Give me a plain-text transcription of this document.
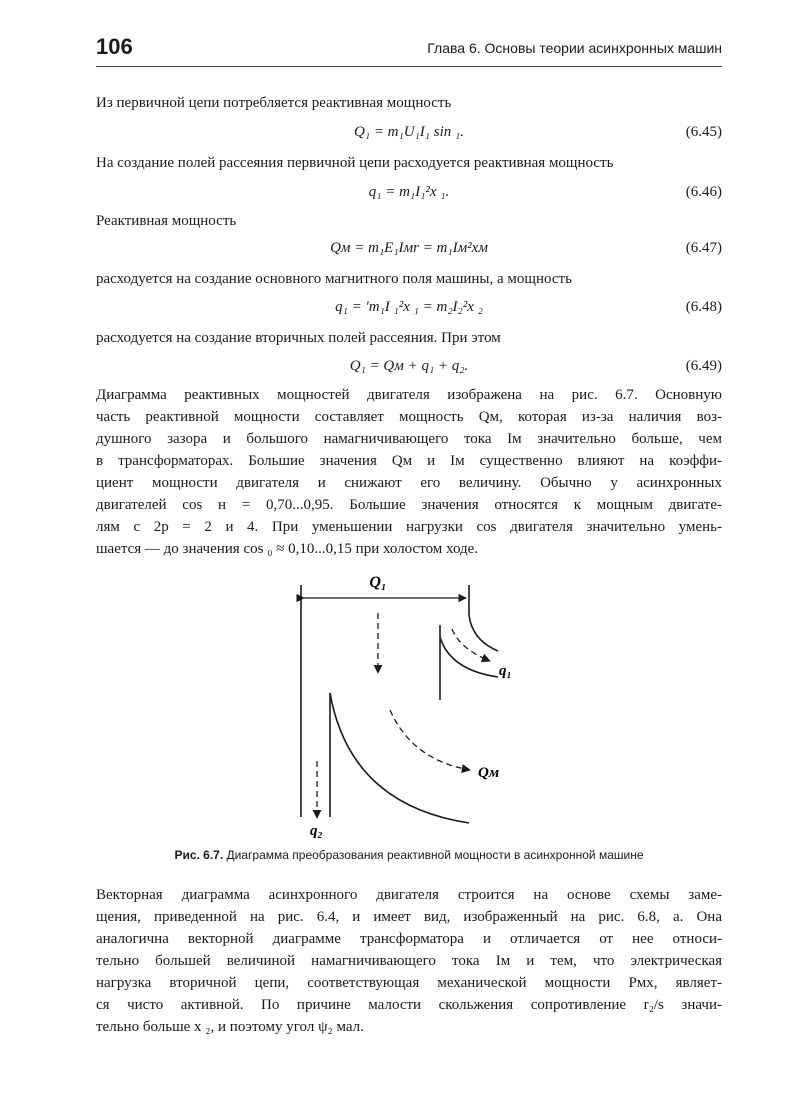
106	Глава 6. Основы теории асинхронных машин
Из первичной цепи потребляется реактивная мощность
Q₁ = m₁U₁I₁ sin ₁.	(6.45)
На создание полей рассеяния первичной цепи расходуется реактивная мощность
q₁ = m₁I₁²x ₁.	(6.46)
Реактивная мощность
Qм = m₁E₁Iмr = m₁Iм²xм	(6.47)
расходуется на создание основного магнитного поля машины, а мощность
q₁ = ′m₁I ₁²x ₁ = m₂I₂²x ₂	(6.48)
расходуется на создание вторичных полей рассеяния. При этом
Q₁ = Qм + q₁ + q₂.	(6.49)
Диаграмма реактивных мощностей двигателя изображена на рис. 6.7. Основную
часть реактивной мощности составляет мощность Qм, которая из-за наличия воз-
душного зазора и большого намагничивающего тока Iм значительно больше, чем
в трансформаторах. Большие значения Qм и Iм существенно влияют на коэффи-
циент мощности двигателя и снижают его величину. Обычно у асинхронных
двигателей cos н = 0,70...0,95. Большие значения относятся к мощным двигате-
лям с 2p = 2 и 4. При уменьшении нагрузки cos двигателя значительно умень-
шается — до значения cos ₀ ≈ 0,10...0,15 при холостом ходе.
Q₁
q₁
Qм
q₂
Рис. 6.7. Диаграмма преобразования реактивной мощности в асинхронной машине
Векторная диаграмма асинхронного двигателя строится на основе схемы заме-
щения, приведенной на рис. 6.4, и имеет вид, изображенный на рис. 6.8, a. Она
аналогична векторной диаграмме трансформатора и отличается от нее относи-
тельно большей величиной намагничивающего тока Iм и тем, что электрическая
нагрузка вторичной цепи, соответствующая механической мощности Pмх, являет-
ся чисто активной. По причине малости скольжения сопротивление r₂/s значи-
тельно больше x ₂, и поэтому угол ψ₂ мал.
